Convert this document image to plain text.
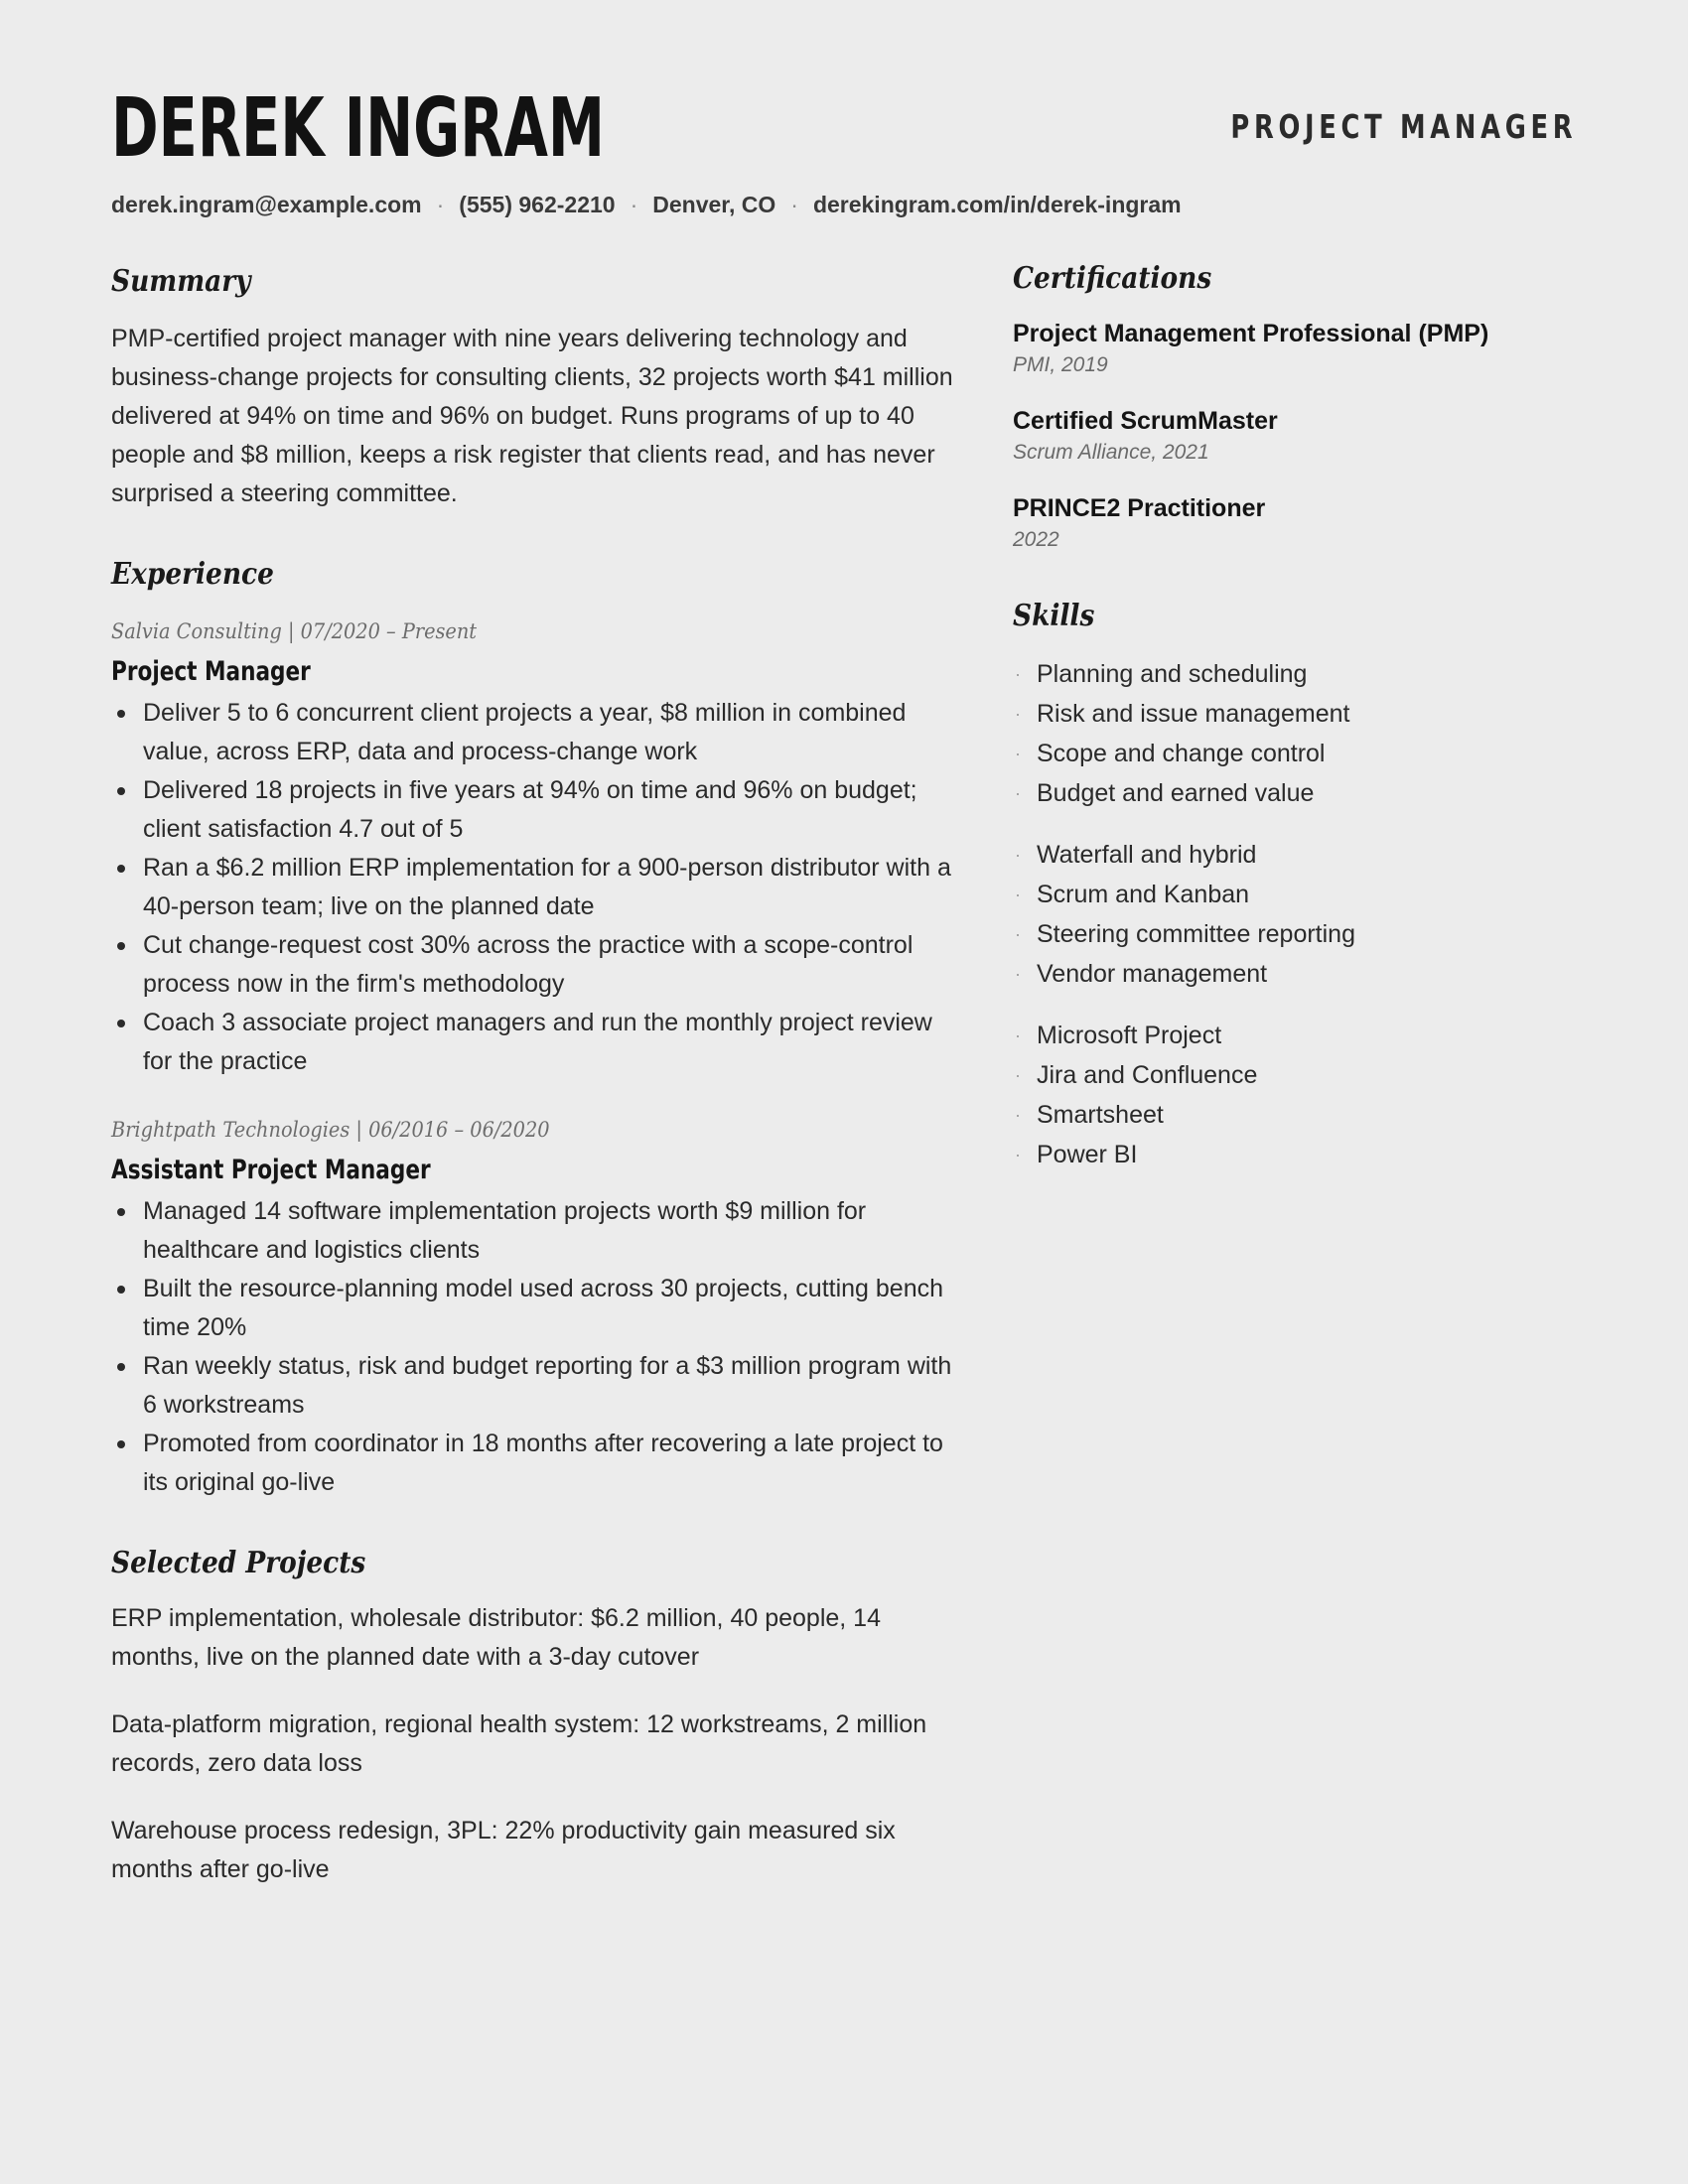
DEREK INGRAM	PROJECT MANAGER
derek.ingram@example.com · (555) 962-2210 · Denver, CO · derekingram.com/in/derek-ingram
Summary

PMP-certified project manager with nine years delivering technology and business-change projects for consulting clients, 32 projects worth $41 million delivered at 94% on time and 96% on budget. Runs programs of up to 40 people and $8 million, keeps a risk register that clients read, and has never surprised a steering committee.

Experience
Salvia Consulting | 07/2020 – Present
Project Manager
Deliver 5 to 6 concurrent client projects a year, $8 million in combined value, across ERP, data and process-change work
Delivered 18 projects in five years at 94% on time and 96% on budget; client satisfaction 4.7 out of 5
Ran a $6.2 million ERP implementation for a 900-person distributor with a 40-person team; live on the planned date
Cut change-request cost 30% across the practice with a scope-control process now in the firm's methodology
Coach 3 associate project managers and run the monthly project review for the practice
Brightpath Technologies | 06/2016 – 06/2020
Assistant Project Manager
Managed 14 software implementation projects worth $9 million for healthcare and logistics clients
Built the resource-planning model used across 30 projects, cutting bench time 20%
Ran weekly status, risk and budget reporting for a $3 million program with 6 workstreams
Promoted from coordinator in 18 months after recovering a late project to its original go-live
Selected Projects

ERP implementation, wholesale distributor: $6.2 million, 40 people, 14 months, live on the planned date with a 3-day cutover

Data-platform migration, regional health system: 12 workstreams, 2 million records, zero data loss

Warehouse process redesign, 3PL: 22% productivity gain measured six months after go-live

Certifications
Project Management Professional (PMP)
PMI, 2019
Certified ScrumMaster
Scrum Alliance, 2021
PRINCE2 Practitioner
2022
Skills
· Planning and scheduling
· Risk and issue management
· Scope and change control
· Budget and earned value
· Waterfall and hybrid
· Scrum and Kanban
· Steering committee reporting
· Vendor management
· Microsoft Project
· Jira and Confluence
· Smartsheet
· Power BI
